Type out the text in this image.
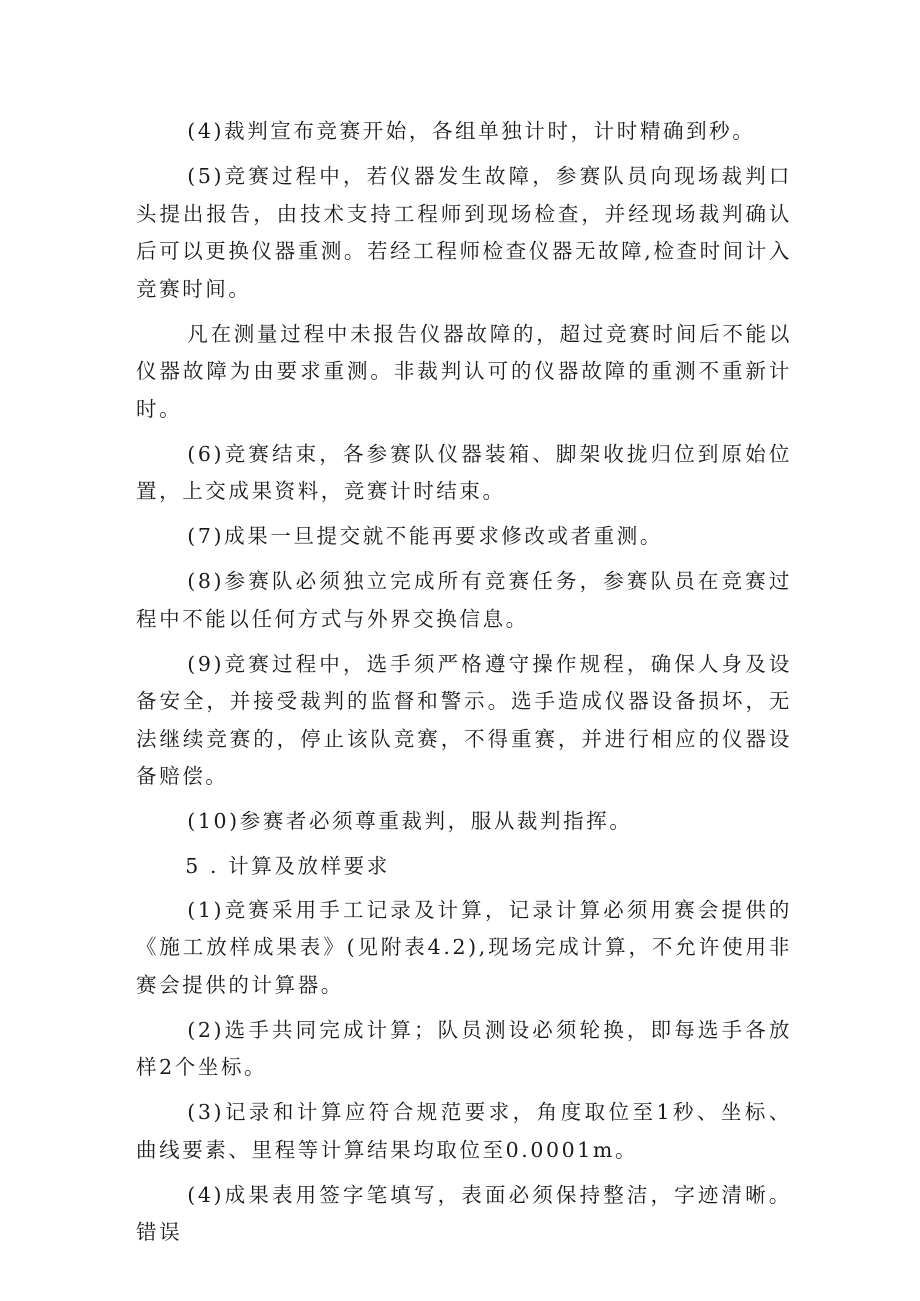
(4)裁判宣布竞赛开始，各组单独计时，计时精确到秒。

(5)竞赛过程中，若仪器发生故障，参赛队员向现场裁判口头提出报告，由技术支持工程师到现场检查，并经现场裁判确认后可以更换仪器重测。若经工程师检查仪器无故障,检查时间计入竞赛时间。

凡在测量过程中未报告仪器故障的，超过竞赛时间后不能以仪器故障为由要求重测。非裁判认可的仪器故障的重测不重新计时。

(6)竞赛结束，各参赛队仪器装箱、脚架收拢归位到原始位置，上交成果资料，竞赛计时结束。

(7)成果一旦提交就不能再要求修改或者重测。

(8)参赛队必须独立完成所有竞赛任务，参赛队员在竞赛过程中不能以任何方式与外界交换信息。

(9)竞赛过程中，选手须严格遵守操作规程，确保人身及设备安全，并接受裁判的监督和警示。选手造成仪器设备损坏，无法继续竞赛的，停止该队竞赛，不得重赛，并进行相应的仪器设备赔偿。

(10)参赛者必须尊重裁判，服从裁判指挥。

5 . 计算及放样要求

(1)竞赛采用手工记录及计算，记录计算必须用赛会提供的《施工放样成果表》(见附表4.2),现场完成计算，不允许使用非赛会提供的计算器。

(2)选手共同完成计算；队员测设必须轮换，即每选手各放样2个坐标。

(3)记录和计算应符合规范要求，角度取位至1秒、坐标、曲线要素、里程等计算结果均取位至0.0001m。

(4)成果表用签字笔填写，表面必须保持整洁，字迹清晰。错误
